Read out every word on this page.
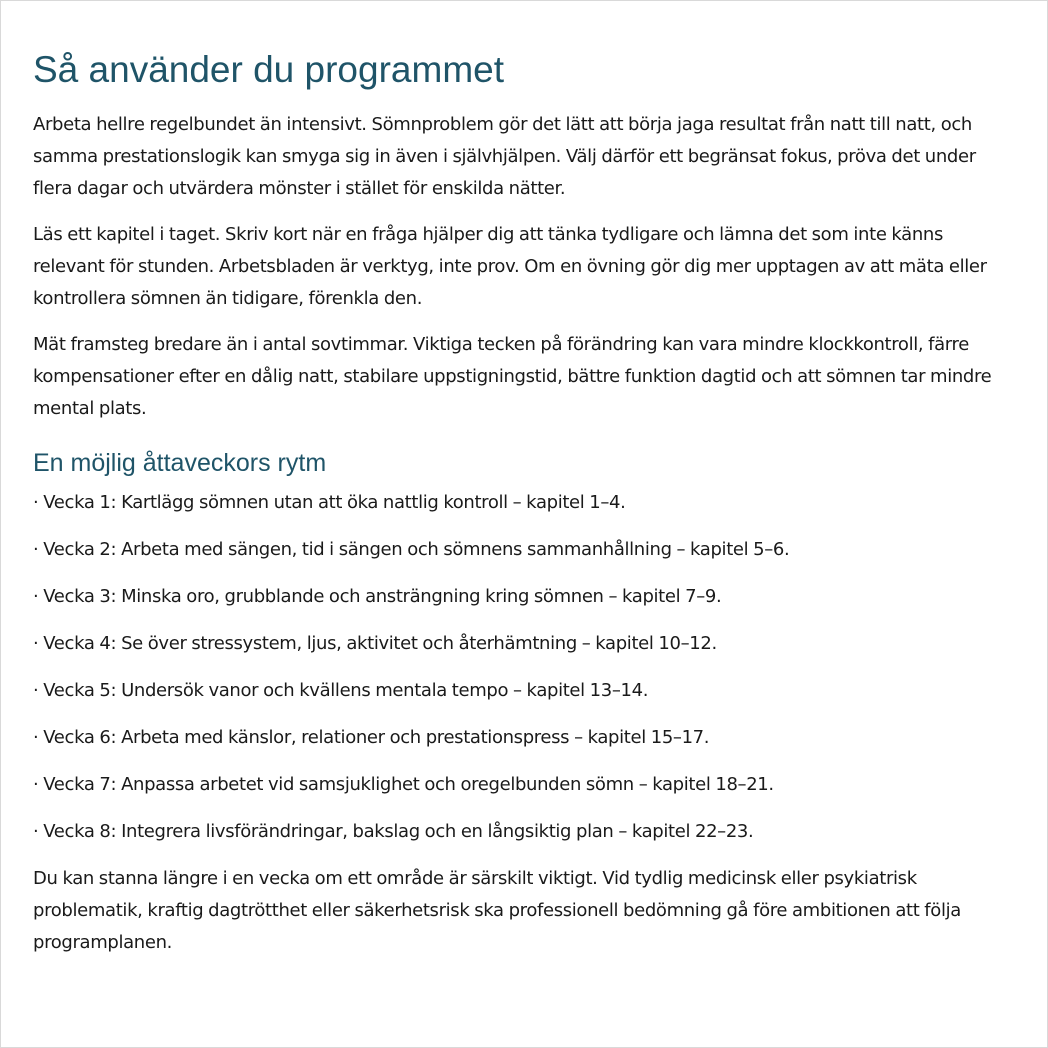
Så använder du programmet

Arbeta hellre regelbundet än intensivt. Sömnproblem gör det lätt att börja jaga resultat från natt till natt, och samma prestationslogik kan smyga sig in även i självhjälpen. Välj därför ett begränsat fokus, pröva det under flera dagar och utvärdera mönster i stället för enskilda nätter.

Läs ett kapitel i taget. Skriv kort när en fråga hjälper dig att tänka tydligare och lämna det som inte känns relevant för stunden. Arbetsbladen är verktyg, inte prov. Om en övning gör dig mer upptagen av att mäta eller kontrollera sömnen än tidigare, förenkla den.

Mät framsteg bredare än i antal sovtimmar. Viktiga tecken på förändring kan vara mindre klockkontroll, färre kompensationer efter en dålig natt, stabilare uppstigningstid, bättre funktion dagtid och att sömnen tar mindre mental plats.

En möjlig åttaveckors rytm
· Vecka 1: Kartlägg sömnen utan att öka nattlig kontroll – kapitel 1–4.
· Vecka 2: Arbeta med sängen, tid i sängen och sömnens sammanhållning – kapitel 5–6.
· Vecka 3: Minska oro, grubblande och ansträngning kring sömnen – kapitel 7–9.
· Vecka 4: Se över stressystem, ljus, aktivitet och återhämtning – kapitel 10–12.
· Vecka 5: Undersök vanor och kvällens mentala tempo – kapitel 13–14.
· Vecka 6: Arbeta med känslor, relationer och prestationspress – kapitel 15–17.
· Vecka 7: Anpassa arbetet vid samsjuklighet och oregelbunden sömn – kapitel 18–21.
· Vecka 8: Integrera livsförändringar, bakslag och en långsiktig plan – kapitel 22–23.

Du kan stanna längre i en vecka om ett område är särskilt viktigt. Vid tydlig medicinsk eller psykiatrisk problematik, kraftig dagtrötthet eller säkerhetsrisk ska professionell bedömning gå före ambitionen att följa programplanen.
